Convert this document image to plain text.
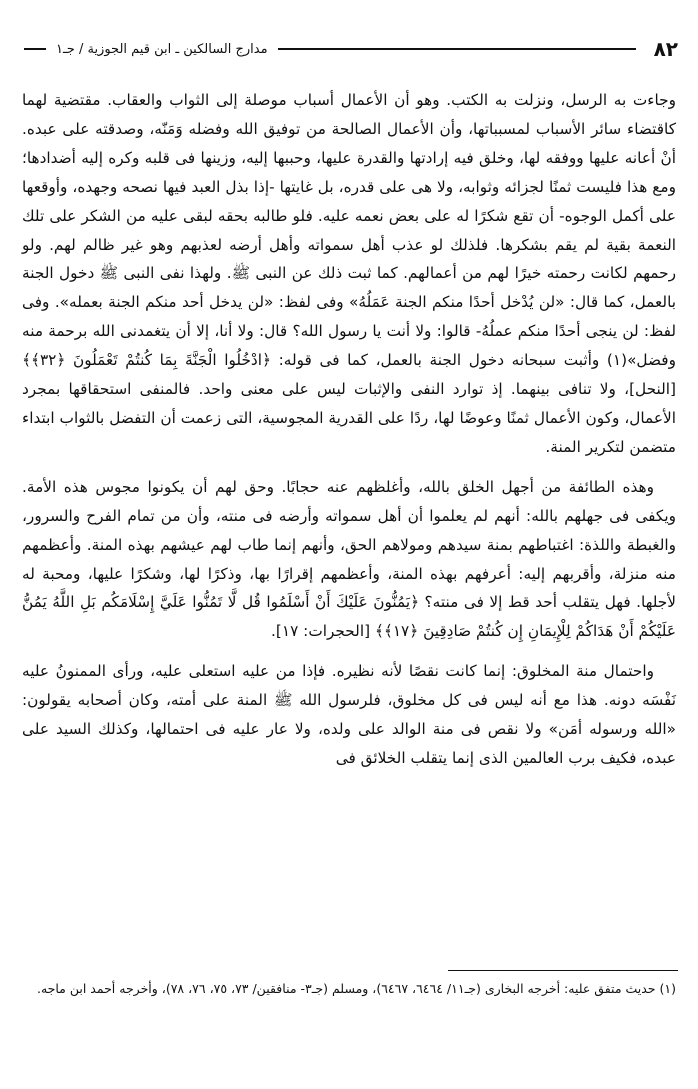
٨٢
مدارج السالكين ـ ابن قيم الجوزية / جـ١

وجاءت به الرسل، ونزلت به الكتب. وهو أن الأعمال أسباب موصلة إلى الثواب والعقاب. مقتضية لهما كاقتضاء سائر الأسباب لمسبباتها، وأن الأعمال الصالحة من توفيق الله وفضله وَمَنّه، وصدقته على عبده. أنْ أعانه عليها ووفقه لها، وخلق فيه إرادتها والقدرة عليها، وحببها إليه، وزينها فى قلبه وكره إليه أضدادها؛ ومع هذا فليست ثمنًا لجزائه وثوابه، ولا هى على قدره، بل غايتها -إذا بذل العبد فيها نصحه وجهده، وأوقعها على أكمل الوجوه- أن تقع شكرًا له على بعض نعمه عليه. فلو طالبه بحقه لبقى عليه من الشكر على تلك النعمة بقية لم يقم بشكرها. فلذلك لو عذب أهل سمواته وأهل أرضه لعذبهم وهو غير ظالم لهم. ولو رحمهم لكانت رحمته خيرًا لهم من أعمالهم. كما ثبت ذلك عن النبى ﷺ. ولهذا نفى النبى ﷺ دخول الجنة بالعمل، كما قال: «لن يُدْخل أحدًا منكم الجنة عَمَلُهُ» وفى لفظ: «لن يدخل أحد منكم الجنة بعمله». وفى لفظ: لن ينجى أحدًا منكم عملُهُ- قالوا: ولا أنت يا رسول الله؟ قال: ولا أنا، إلا أن يتغمدنى الله برحمة منه وفضل»(١) وأثبت سبحانه دخول الجنة بالعمل، كما فى قوله: ﴿ادْخُلُوا الْجَنَّةَ بِمَا كُنتُمْ تَعْمَلُونَ ﴿٣٢﴾﴾ [النحل]، ولا تنافى بينهما. إذ توارد النفى والإثبات ليس على معنى واحد. فالمنفى استحقاقها بمجرد الأعمال، وكون الأعمال ثمنًا وعوضًا لها، ردًا على القدرية المجوسية، التى زعمت أن التفضل بالثواب ابتداء متضمن لتكرير المنة.

وهذه الطائفة من أجهل الخلق بالله، وأغلظهم عنه حجابًا. وحق لهم أن يكونوا مجوس هذه الأمة. ويكفى فى جهلهم بالله: أنهم لم يعلموا أن أهل سمواته وأرضه فى منته، وأن من تمام الفرح والسرور، والغبطة واللذة: اغتباطهم بمنة سيدهم ومولاهم الحق، وأنهم إنما طاب لهم عيشهم بهذه المنة. وأعظمهم منه منزلة، وأقربهم إليه: أعرفهم بهذه المنة، وأعظمهم إقرارًا بها، وذكرًا لها، وشكرًا عليها، ومحبة له لأجلها. فهل يتقلب أحد قط إلا فى منته؟ ﴿يَمُنُّونَ عَلَيْكَ أَنْ أَسْلَمُوا قُل لَّا تَمُنُّوا عَلَيَّ إِسْلَامَكُم بَلِ اللَّهُ يَمُنُّ عَلَيْكُمْ أَنْ هَدَاكُمْ لِلْإِيمَانِ إِن كُنتُمْ صَادِقِينَ ﴿١٧﴾﴾ [الحجرات: ١٧].

واحتمال منة المخلوق: إنما كانت نقصًا لأنه نظيره. فإذا من عليه استعلى عليه، ورأى الممنونُ عليه نَفْسَه دونه. هذا مع أنه ليس فى كل مخلوق، فلرسول الله ﷺ المنة على أمته، وكان أصحابه يقولون: «الله ورسوله أمَن» ولا نقص فى منة الوالد على ولده، ولا عار عليه فى احتمالها، وكذلك السيد على عبده، فكيف برب العالمين الذى إنما يتقلب الخلائق فى

(١) حديث متفق عليه: أخرجه البخارى (جـ١١/ ٦٤٦٤، ٦٤٦٧)، ومسلم (جـ٣- منافقين/ ٧٣، ٧٥، ٧٦، ٧٨)، وأخرجه أحمد ابن ماجه.
